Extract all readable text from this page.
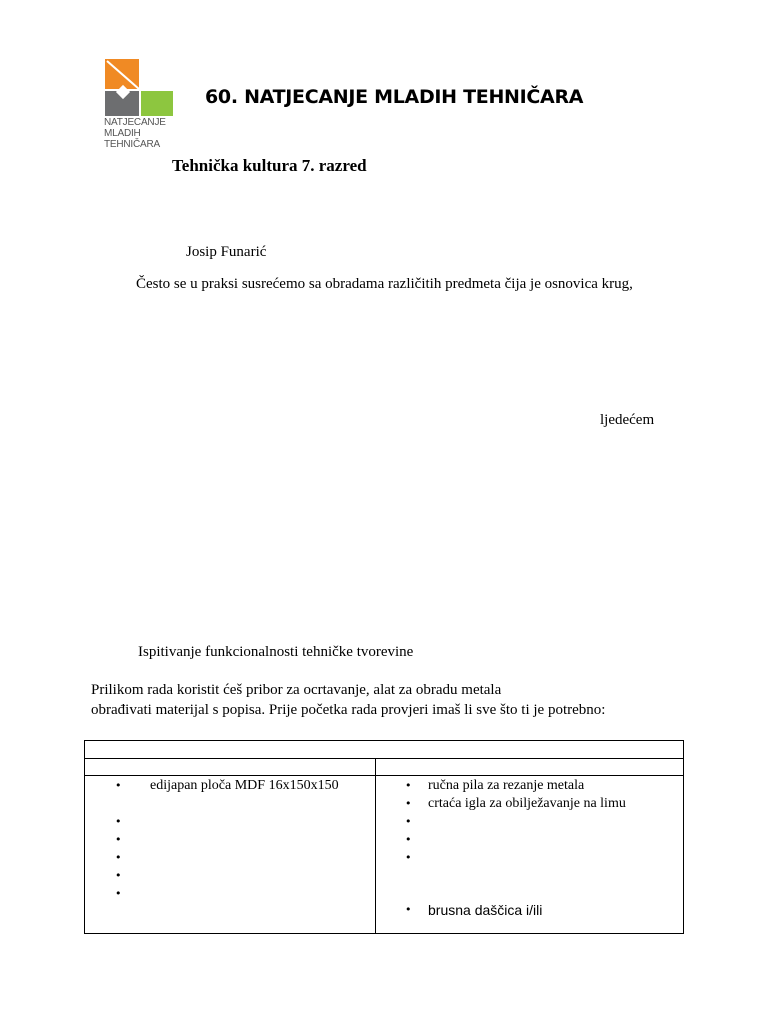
NATJECANJE
MLADIH
TEHNIČARA
60. NATJECANJE MLADIH TEHNIČARA
Tehnička kultura 7. razred
Josip Funarić
Često se u praksi susrećemo sa obradama različitih predmeta čija je osnovica krug,
ljedećem
Ispitivanje funkcionalnosti tehničke tvorevine
Prilikom rada koristit ćeš pribor za ocrtavanje, alat za obradu metala
obrađivati materijal s popisa. Prije početka rada provjeri imaš li sve što ti je potrebno:
• edijapan ploča MDF 16x150x150
•
•
•
•
•
• ručna pila za rezanje metala
• crtaća igla za obilježavanje na limu
•
•
•
• brusna daščica i/ili
